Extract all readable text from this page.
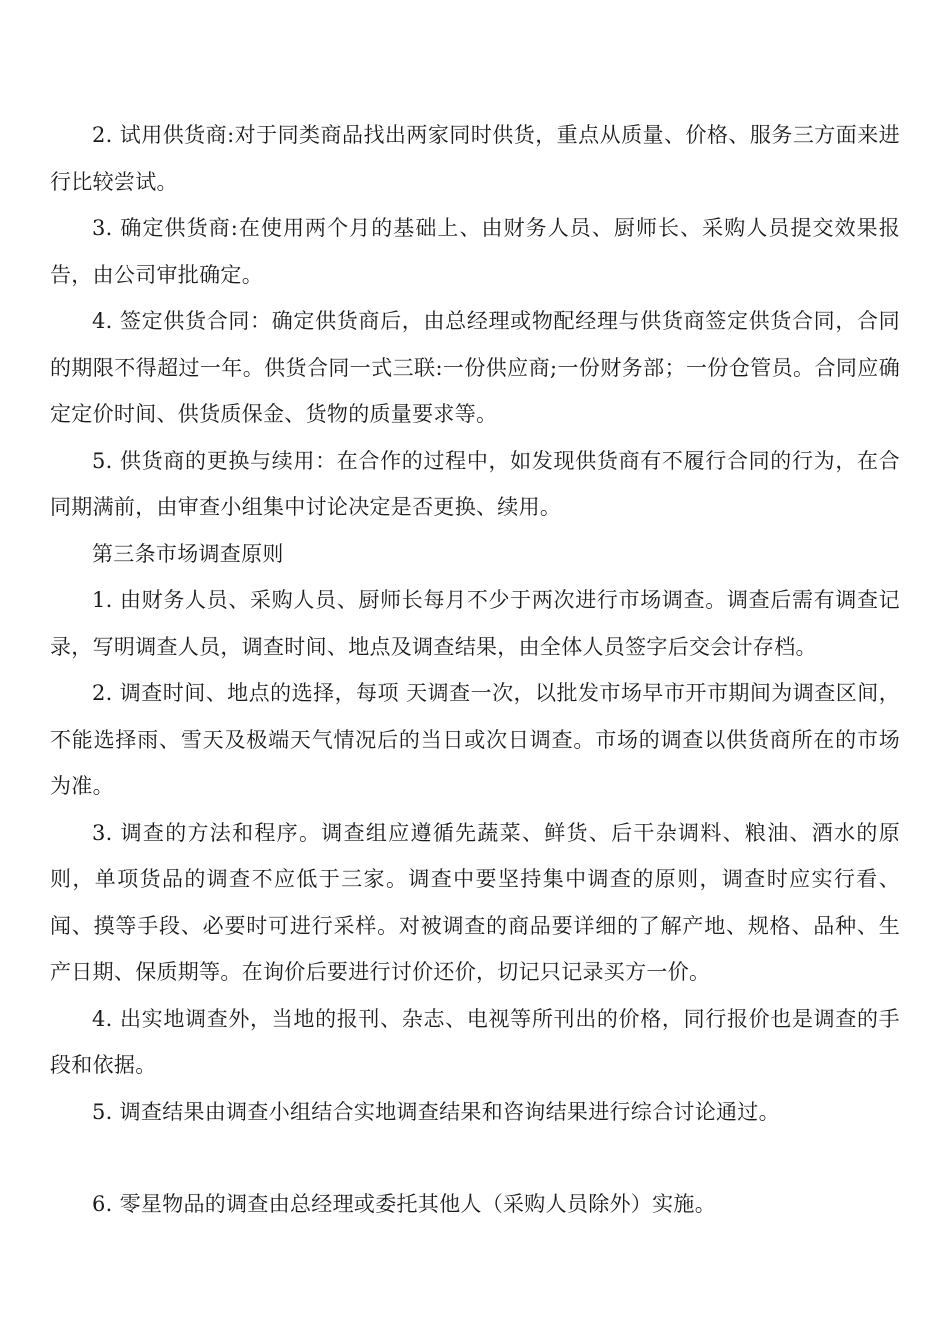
2. 试用供货商:对于同类商品找出两家同时供货，重点从质量、价格、服务三方面来进行比较尝试。

3. 确定供货商:在使用两个月的基础上、由财务人员、厨师长、采购人员提交效果报告，由公司审批确定。

4. 签定供货合同：确定供货商后，由总经理或物配经理与供货商签定供货合同，合同的期限不得超过一年。供货合同一式三联:一份供应商;一份财务部；一份仓管员。合同应确定定价时间、供货质保金、货物的质量要求等。

5. 供货商的更换与续用：在合作的过程中，如发现供货商有不履行合同的行为，在合同期满前，由审查小组集中讨论决定是否更换、续用。

第三条市场调查原则

1. 由财务人员、采购人员、厨师长每月不少于两次进行市场调查。调查后需有调查记录，写明调查人员，调查时间、地点及调查结果，由全体人员签字后交会计存档。

2. 调查时间、地点的选择，每项 天调查一次，以批发市场早市开市期间为调查区间，不能选择雨、雪天及极端天气情况后的当日或次日调查。市场的调查以供货商所在的市场为准。

3. 调查的方法和程序。调查组应遵循先蔬菜、鲜货、后干杂调料、粮油、酒水的原则，单项货品的调查不应低于三家。调查中要坚持集中调查的原则，调查时应实行看、闻、摸等手段、必要时可进行采样。对被调查的商品要详细的了解产地、规格、品种、生产日期、保质期等。在询价后要进行讨价还价，切记只记录买方一价。

4. 出实地调查外，当地的报刊、杂志、电视等所刊出的价格，同行报价也是调查的手段和依据。

5. 调查结果由调查小组结合实地调查结果和咨询结果进行综合讨论通过。

6. 零星物品的调查由总经理或委托其他人（采购人员除外）实施。
